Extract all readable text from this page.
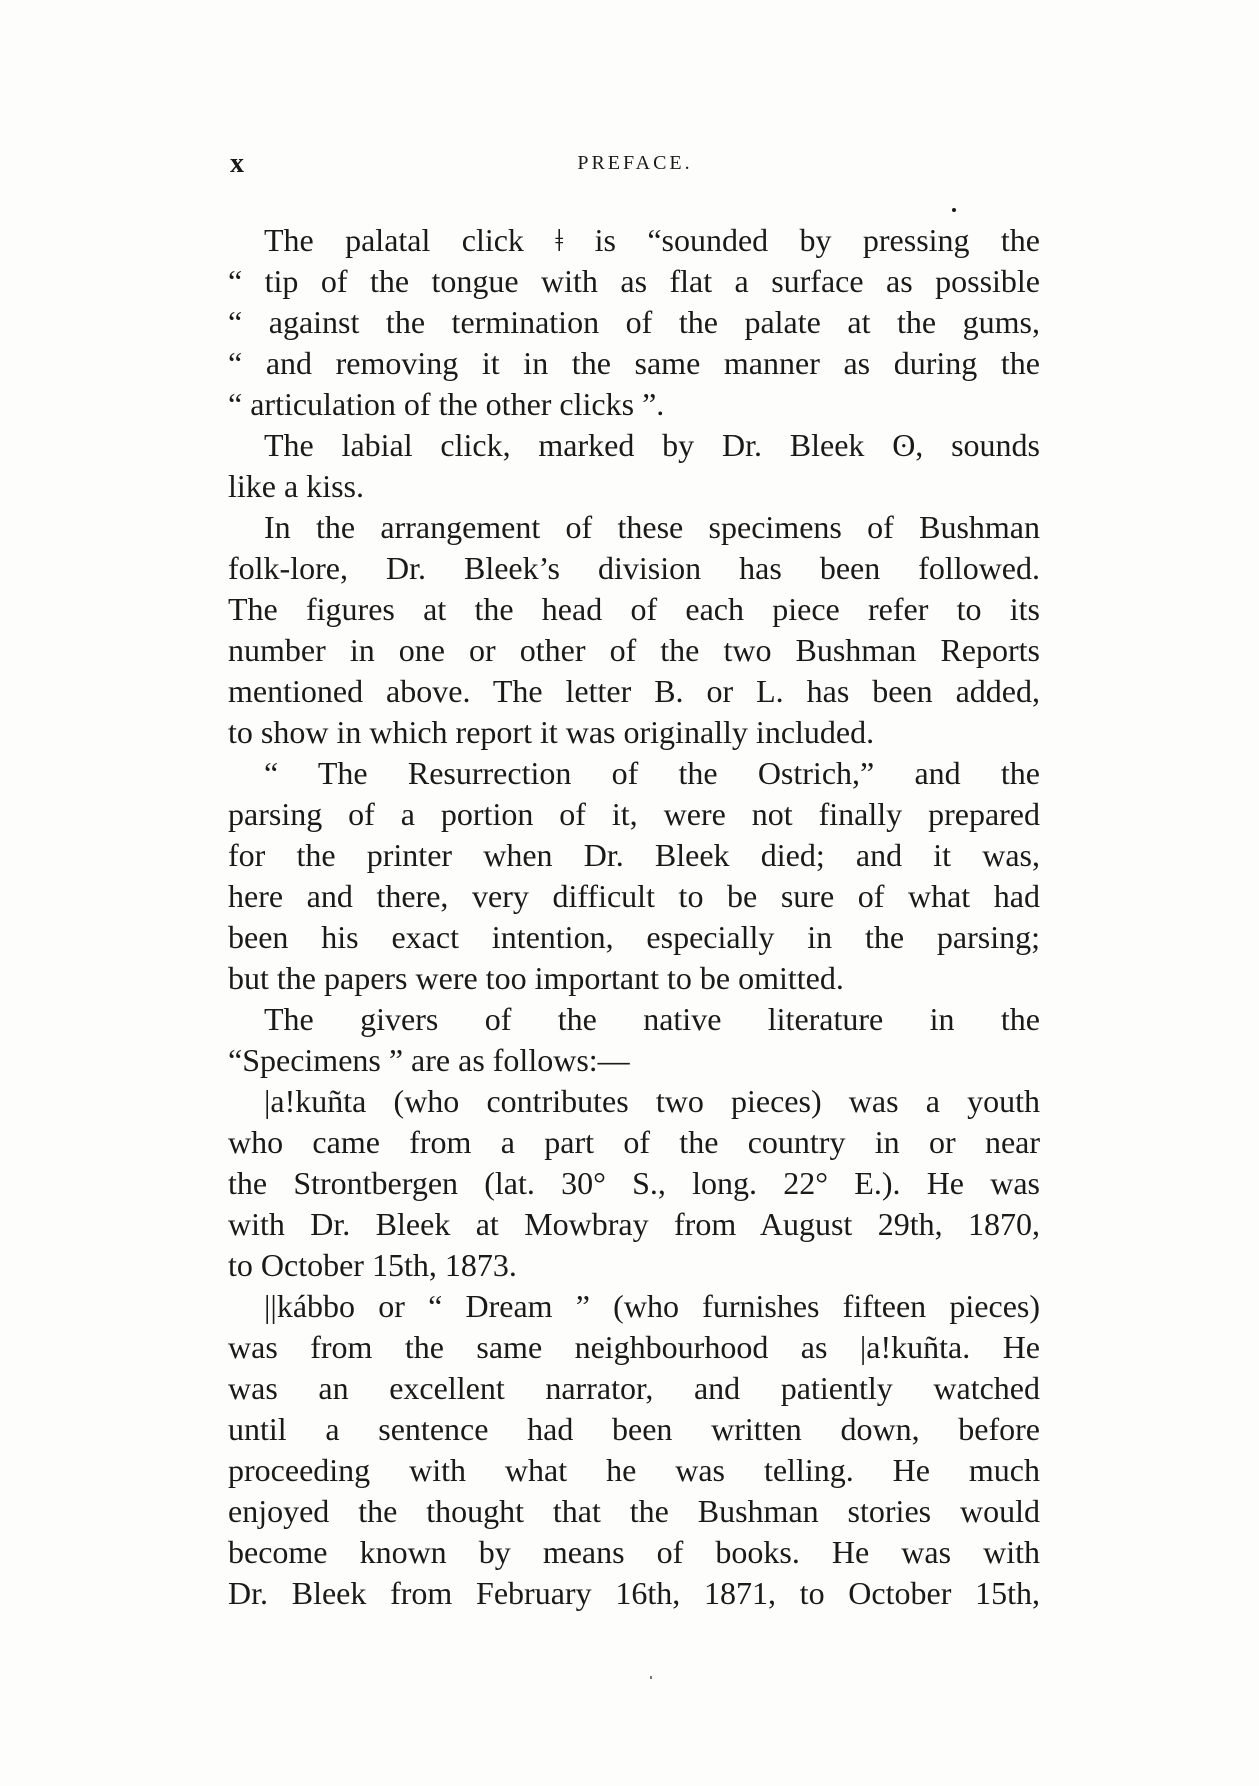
x	PREFACE.

The palatal click ǂ is “sounded by pressing the
“ tip of the tongue with as flat a surface as possible
“ against the termination of the palate at the gums,
“ and removing it in the same manner as during the

“ articulation of the other clicks ”.

The labial click, marked by Dr. Bleek ʘ, sounds
like a kiss.

In the arrangement of these specimens of Bushman
folk-lore, Dr. Bleek’s division has been followed.
The figures at the head of each piece refer to its
number in one or other of the two Bushman Reports
mentioned above. The letter B. or L. has been added,
to show in which report it was originally included.

“ The Resurrection of the Ostrich,” and the
parsing of a portion of it, were not finally prepared
for the printer when Dr. Bleek died; and it was,
here and there, very difficult to be sure of what had
been his exact intention, especially in the parsing;
but the papers were too important to be omitted.

The givers of the native literature in the
“Specimens ” are as follows:—

|a!kuñta (who contributes two pieces) was a youth
who came from a part of the country in or near
the Strontbergen (lat. 30° S., long. 22° E.). He was
with Dr. Bleek at Mowbray from August 29th, 1870,
to October 15th, 1873.

||kábbo or “ Dream ” (who furnishes fifteen pieces)
was from the same neighbourhood as |a!kuñta. He
was an excellent narrator, and patiently watched
until a sentence had been written down, before
proceeding with what he was telling. He much
enjoyed the thought that the Bushman stories would
become known by means of books. He was with
Dr. Bleek from February 16th, 1871, to October 15th,
